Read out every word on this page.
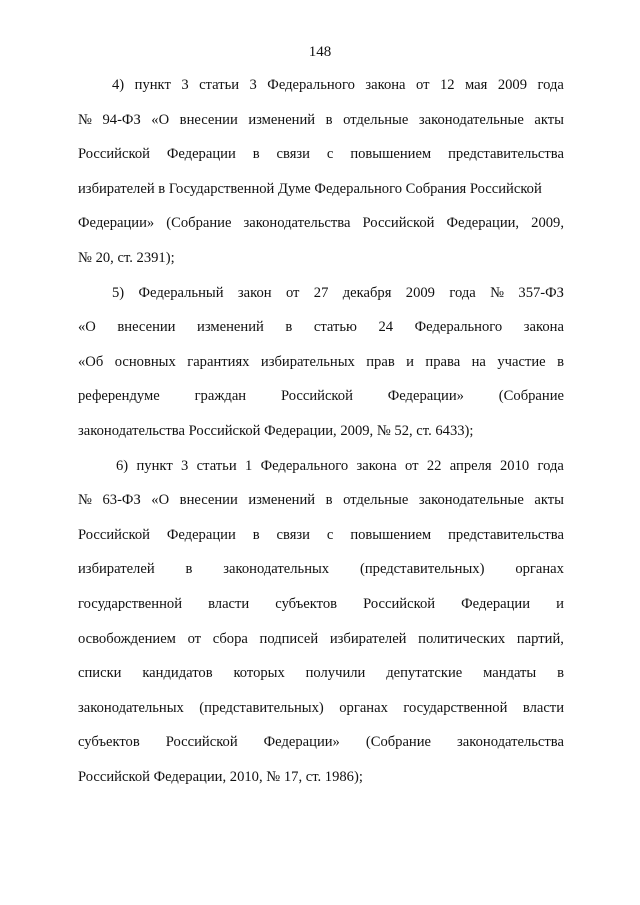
148
4) пункт 3 статьи 3 Федерального закона от 12 мая 2009 года
№ 94-ФЗ «О внесении изменений в отдельные законодательные акты
Российской Федерации в связи с повышением представительства
избирателей в Государственной Думе Федерального Собрания Российской
Федерации» (Собрание законодательства Российской Федерации, 2009,
№ 20, ст. 2391);
5) Федеральный закон от 27 декабря 2009 года № 357-ФЗ
«О внесении изменений в статью 24 Федерального закона
«Об основных гарантиях избирательных прав и права на участие в
референдуме граждан Российской Федерации» (Собрание
законодательства Российской Федерации, 2009, № 52, ст. 6433);
6) пункт 3 статьи 1 Федерального закона от 22 апреля 2010 года
№ 63-ФЗ «О внесении изменений в отдельные законодательные акты
Российской Федерации в связи с повышением представительства
избирателей в законодательных (представительных) органах
государственной власти субъектов Российской Федерации и
освобождением от сбора подписей избирателей политических партий,
списки кандидатов которых получили депутатские мандаты в
законодательных (представительных) органах государственной власти
субъектов Российской Федерации» (Собрание законодательства
Российской Федерации, 2010, № 17, ст. 1986);
